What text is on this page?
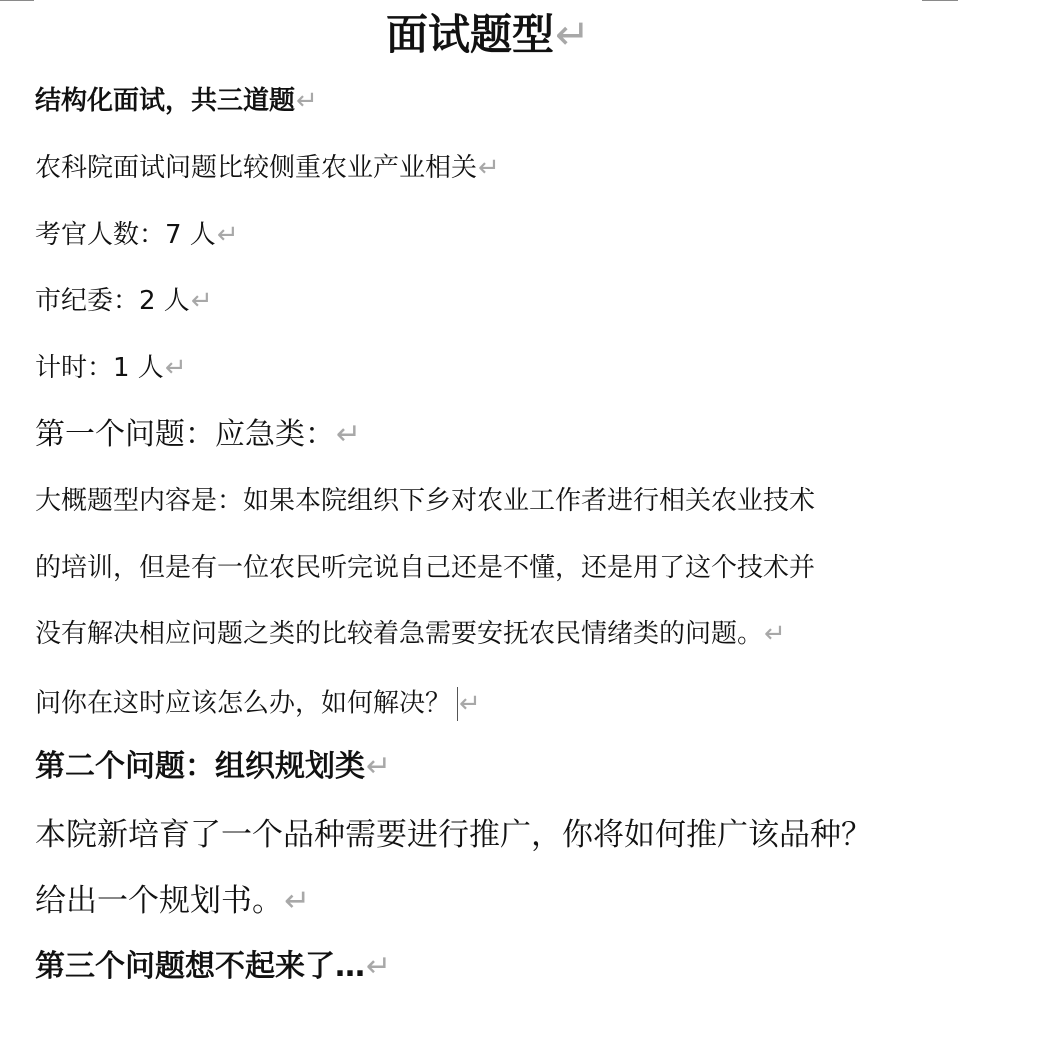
面试题型↵
结构化面试，共三道题↵
农科院面试问题比较侧重农业产业相关↵
考官人数：7 人↵
市纪委：2 人↵
计时：1 人↵
第一个问题：应急类：↵
大概题型内容是：如果本院组织下乡对农业工作者进行相关农业技术
的培训，但是有一位农民听完说自己还是不懂，还是用了这个技术并
没有解决相应问题之类的比较着急需要安抚农民情绪类的问题。↵
问你在这时应该怎么办，如何解决？ ↵
第二个问题：组织规划类↵
本院新培育了一个品种需要进行推广，你将如何推广该品种？
给出一个规划书。↵
第三个问题想不起来了…↵
